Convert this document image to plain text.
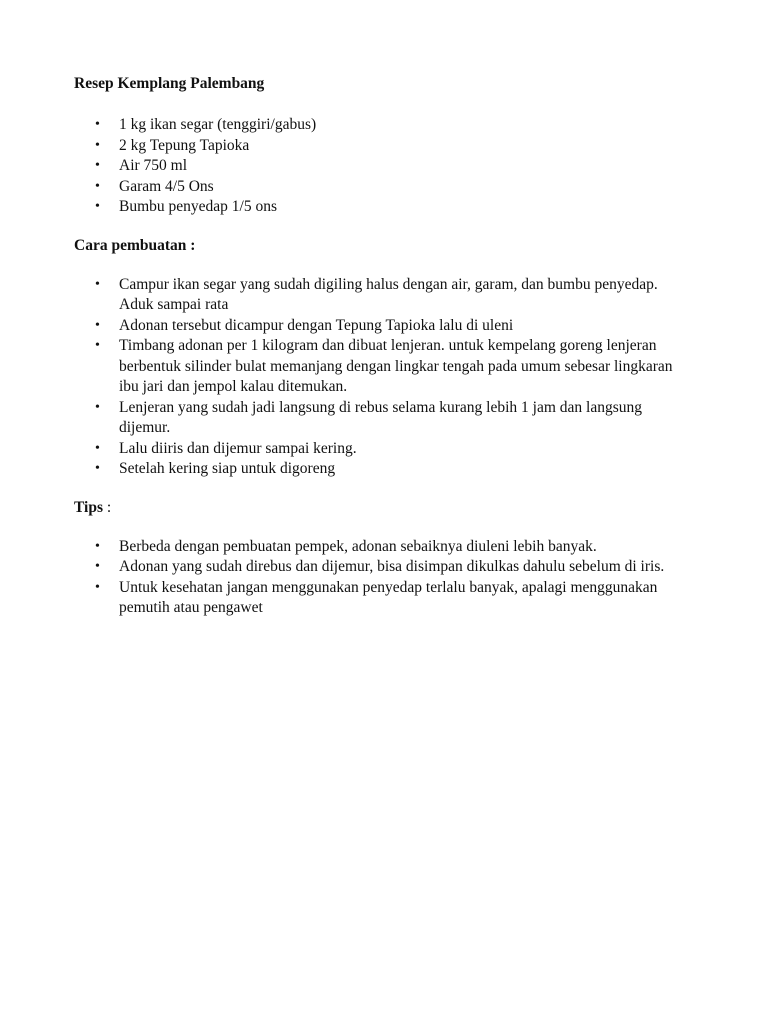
Resep Kemplang Palembang

• 1 kg ikan segar (tenggiri/gabus)
• 2 kg Tepung Tapioka
• Air 750 ml
• Garam 4/5 Ons
• Bumbu penyedap 1/5 ons

Cara pembuatan :

• Campur ikan segar yang sudah digiling halus dengan air, garam, dan bumbu penyedap. Aduk sampai rata
• Adonan tersebut dicampur dengan Tepung Tapioka lalu di uleni
• Timbang adonan per 1 kilogram dan dibuat lenjeran. untuk kempelang goreng lenjeran berbentuk silinder bulat memanjang dengan lingkar tengah pada umum sebesar lingkaran ibu jari dan jempol kalau ditemukan.
• Lenjeran yang sudah jadi langsung di rebus selama kurang lebih 1 jam dan langsung dijemur.
• Lalu diiris dan dijemur sampai kering.
• Setelah kering siap untuk digoreng

Tips :

• Berbeda dengan pembuatan pempek, adonan sebaiknya diuleni lebih banyak.
• Adonan yang sudah direbus dan dijemur, bisa disimpan dikulkas dahulu sebelum di iris.
• Untuk kesehatan jangan menggunakan penyedap terlalu banyak, apalagi menggunakan pemutih atau pengawet
